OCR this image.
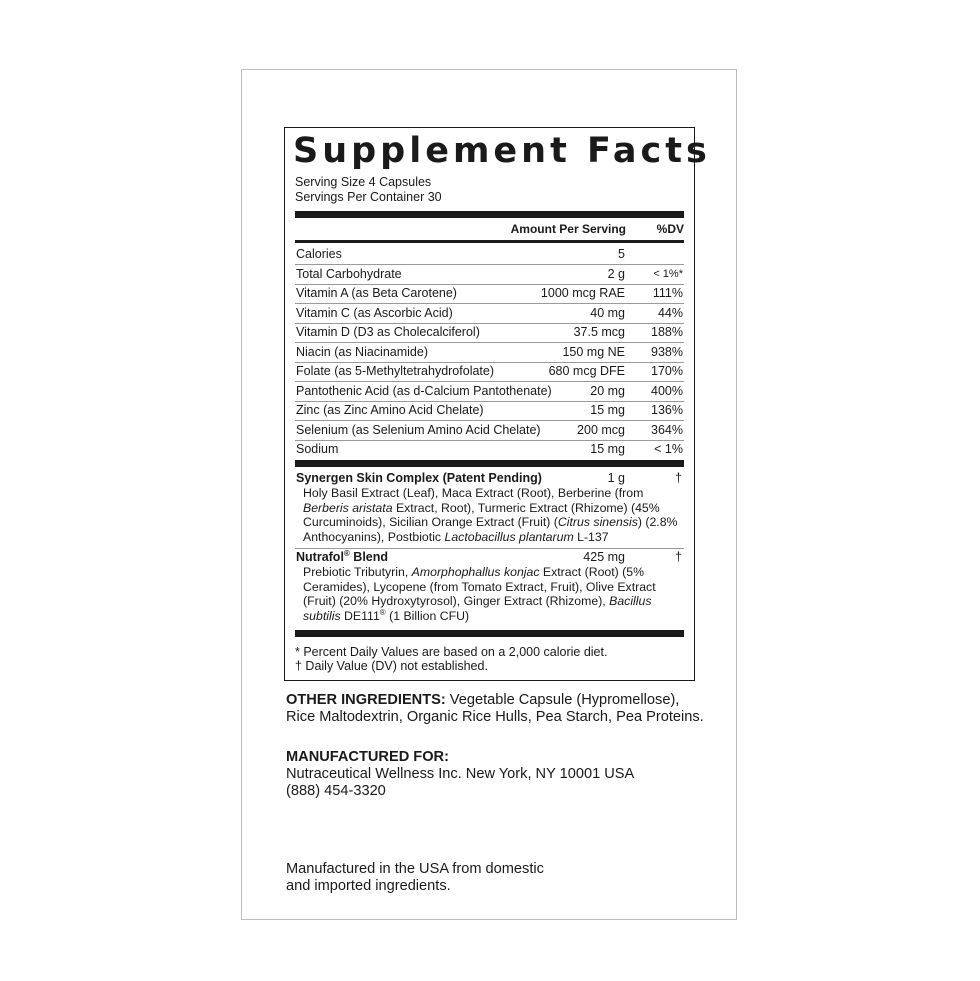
Supplement Facts
Serving Size 4 Capsules
Servings Per Container 30
Amount Per Serving	%DV
Calories	5
Total Carbohydrate	2 g	< 1%*
Vitamin A (as Beta Carotene)	1000 mcg RAE 111%
Vitamin C (as Ascorbic Acid)	40 mg	44%
Vitamin D (D3 as Cholecalciferol)	37.5 mcg 188%
Niacin (as Niacinamide)	150 mg NE 938%
Folate (as 5-Methyltetrahydrofolate)	680 mcg DFE 170%
Pantothenic Acid (as d-Calcium Pantothenate)	20 mg 400%
Zinc (as Zinc Amino Acid Chelate)	15 mg 136%
Selenium (as Selenium Amino Acid Chelate)	200 mcg 364%
Sodium	15 mg < 1%
Synergen Skin Complex (Patent Pending)	1 g	†
Holy Basil Extract (Leaf), Maca Extract (Root), Berberine (from Berberis aristata Extract, Root), Turmeric Extract (Rhizome) (45% Curcuminoids), Sicilian Orange Extract (Fruit) (Citrus sinensis) (2.8% Anthocyanins), Postbiotic Lactobacillus plantarum L-137
Nutrafol® Blend	425 mg	†
Prebiotic Tributyrin, Amorphophallus konjac Extract (Root) (5% Ceramides), Lycopene (from Tomato Extract, Fruit), Olive Extract (Fruit) (20% Hydroxytyrosol), Ginger Extract (Rhizome), Bacillus subtilis DE111® (1 Billion CFU)
* Percent Daily Values are based on a 2,000 calorie diet.
† Daily Value (DV) not established.
OTHER INGREDIENTS: Vegetable Capsule (Hypromellose), Rice Maltodextrin, Organic Rice Hulls, Pea Starch, Pea Proteins.
MANUFACTURED FOR:
Nutraceutical Wellness Inc. New York, NY 10001 USA
(888) 454-3320
Manufactured in the USA from domestic
and imported ingredients.
